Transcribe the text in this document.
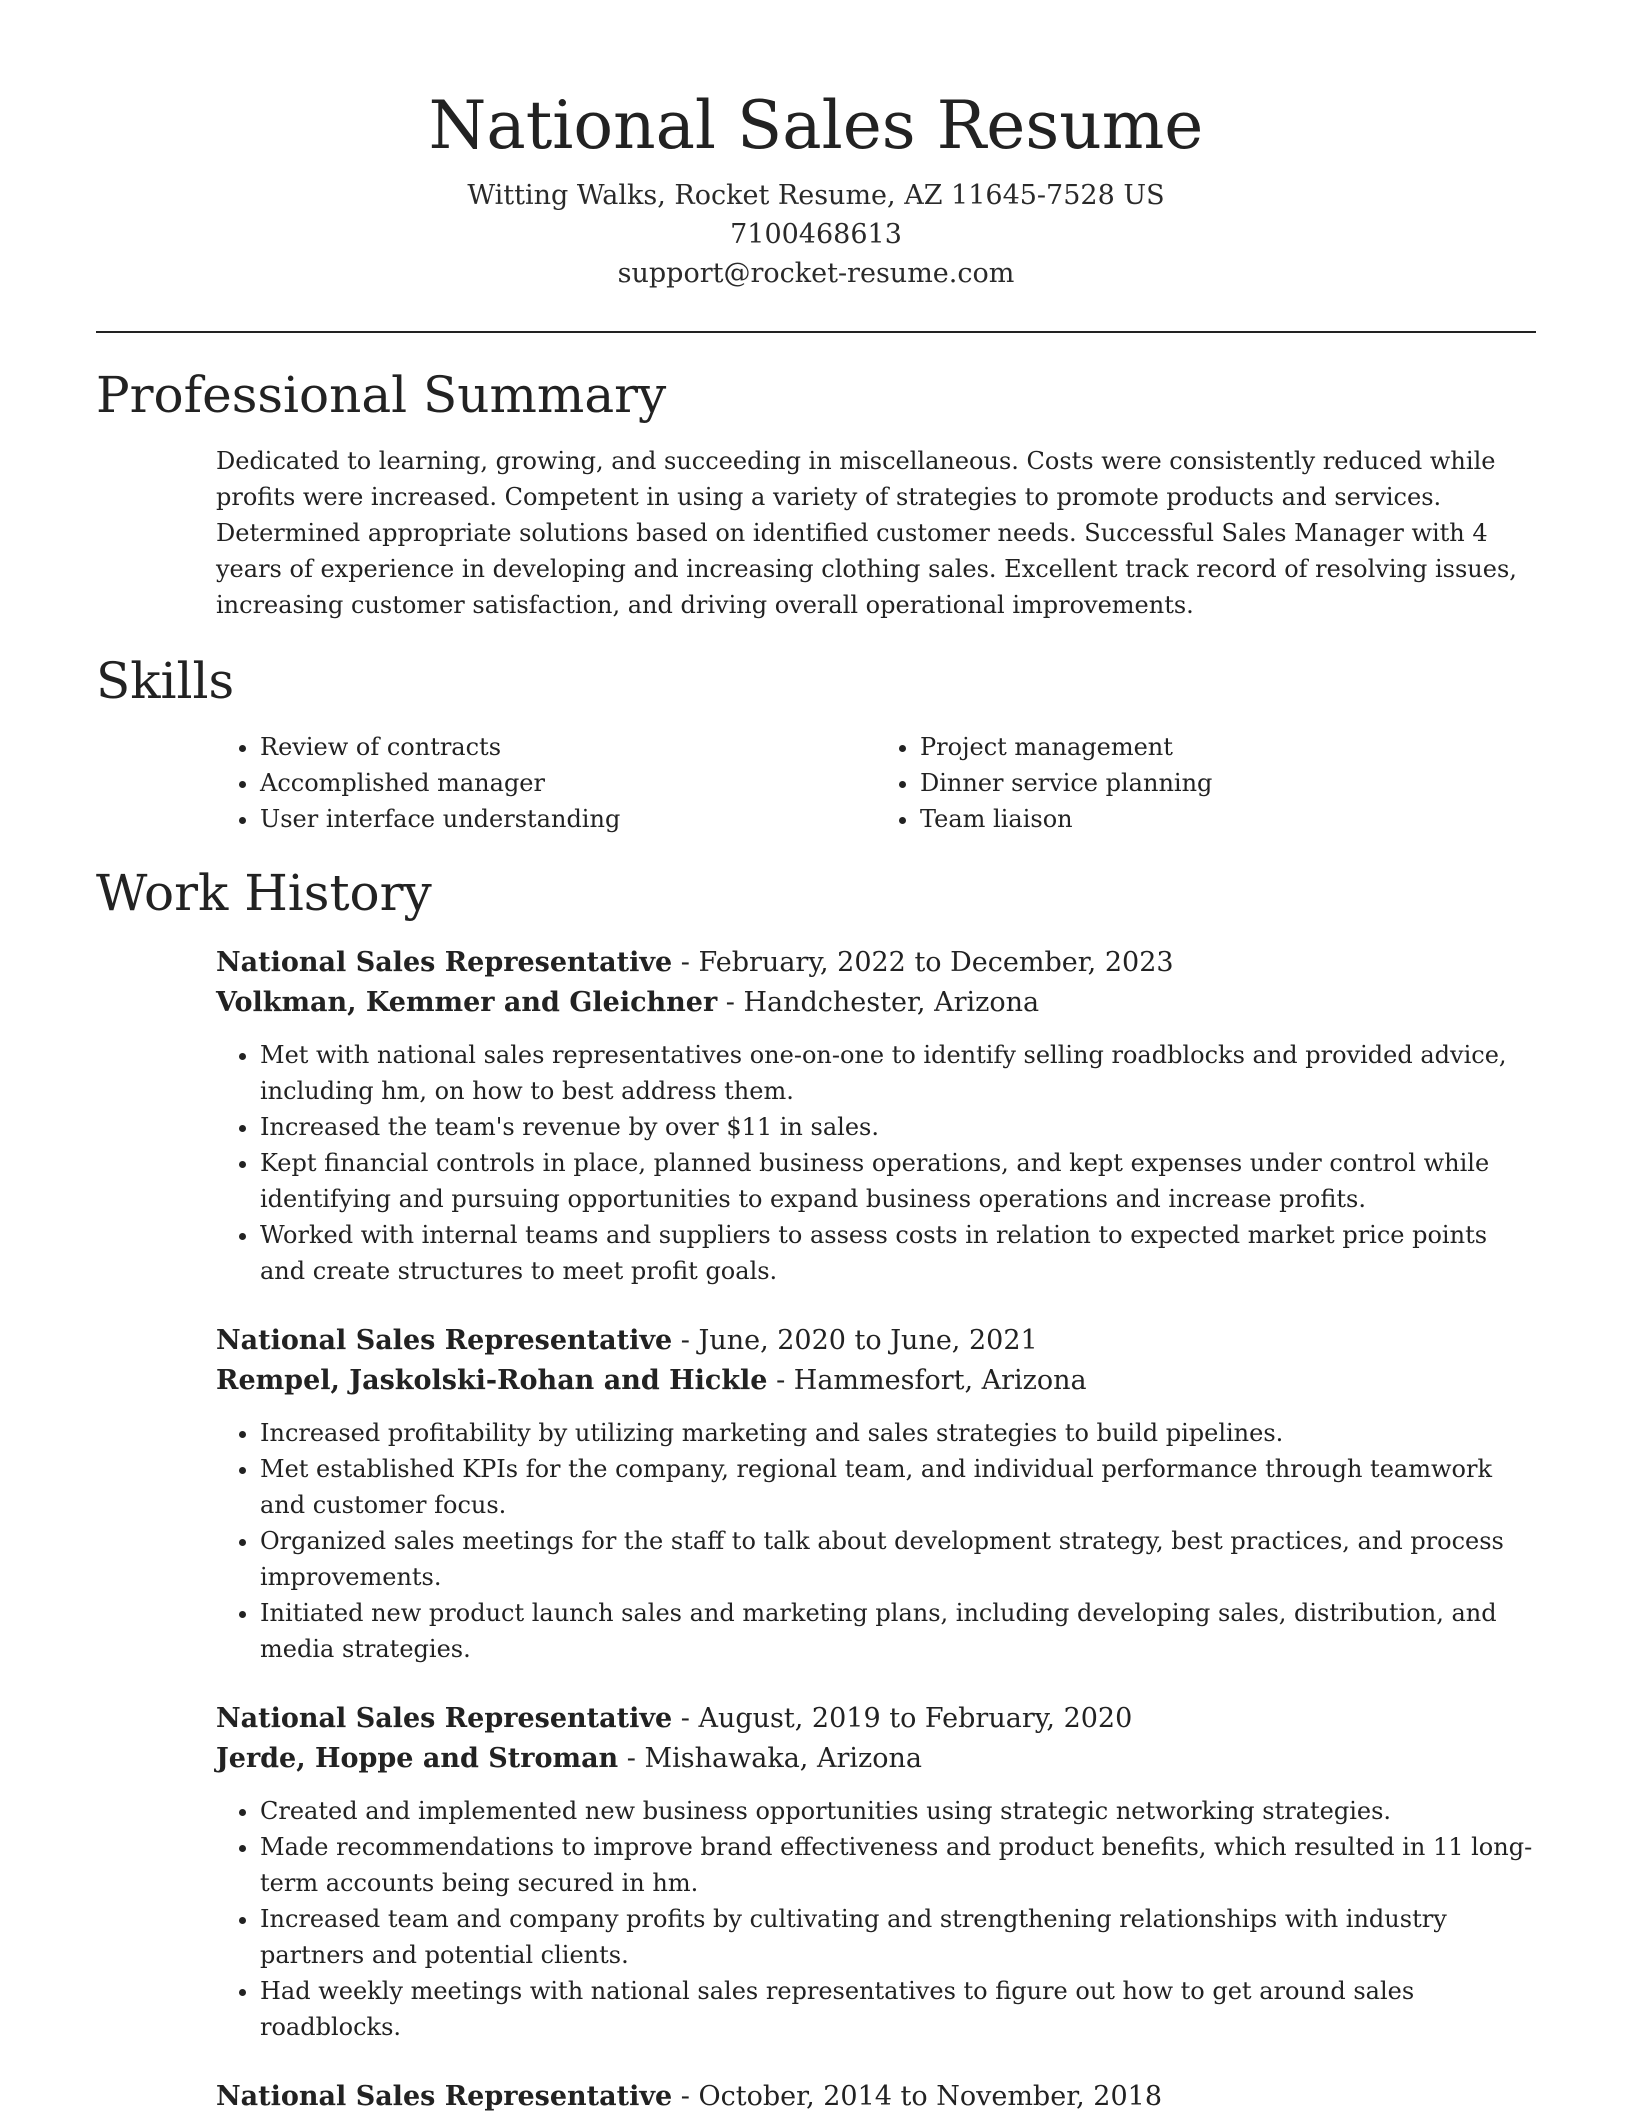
National Sales Resume
Witting Walks, Rocket Resume, AZ 11645-7528 US
7100468613
support@rocket-resume.com
Professional Summary

Dedicated to learning, growing, and succeeding in miscellaneous. Costs were consistently reduced while profits were increased. Competent in using a variety of strategies to promote products and services. Determined appropriate solutions based on identified customer needs. Successful Sales Manager with 4 years of experience in developing and increasing clothing sales. Excellent track record of resolving issues, increasing customer satisfaction, and driving overall operational improvements.

Skills
• Review of contracts
• Accomplished manager
• User interface understanding
• Project management
• Dinner service planning
• Team liaison
Work History
National Sales Representative - February, 2022 to December, 2023
Volkman, Kemmer and Gleichner - Handchester, Arizona
• Met with national sales representatives one-on-one to identify selling roadblocks and provided advice, including hm, on how to best address them.
• Increased the team's revenue by over $11 in sales.
• Kept financial controls in place, planned business operations, and kept expenses under control while identifying and pursuing opportunities to expand business operations and increase profits.
• Worked with internal teams and suppliers to assess costs in relation to expected market price points and create structures to meet profit goals.
National Sales Representative - June, 2020 to June, 2021
Rempel, Jaskolski-Rohan and Hickle - Hammesfort, Arizona
• Increased profitability by utilizing marketing and sales strategies to build pipelines.
• Met established KPIs for the company, regional team, and individual performance through teamwork and customer focus.
• Organized sales meetings for the staff to talk about development strategy, best practices, and process improvements.
• Initiated new product launch sales and marketing plans, including developing sales, distribution, and media strategies.
National Sales Representative - August, 2019 to February, 2020
Jerde, Hoppe and Stroman - Mishawaka, Arizona
• Created and implemented new business opportunities using strategic networking strategies.
• Made recommendations to improve brand effectiveness and product benefits, which resulted in 11 long-term accounts being secured in hm.
• Increased team and company profits by cultivating and strengthening relationships with industry partners and potential clients.
• Had weekly meetings with national sales representatives to figure out how to get around sales roadblocks.
National Sales Representative - October, 2014 to November, 2018
